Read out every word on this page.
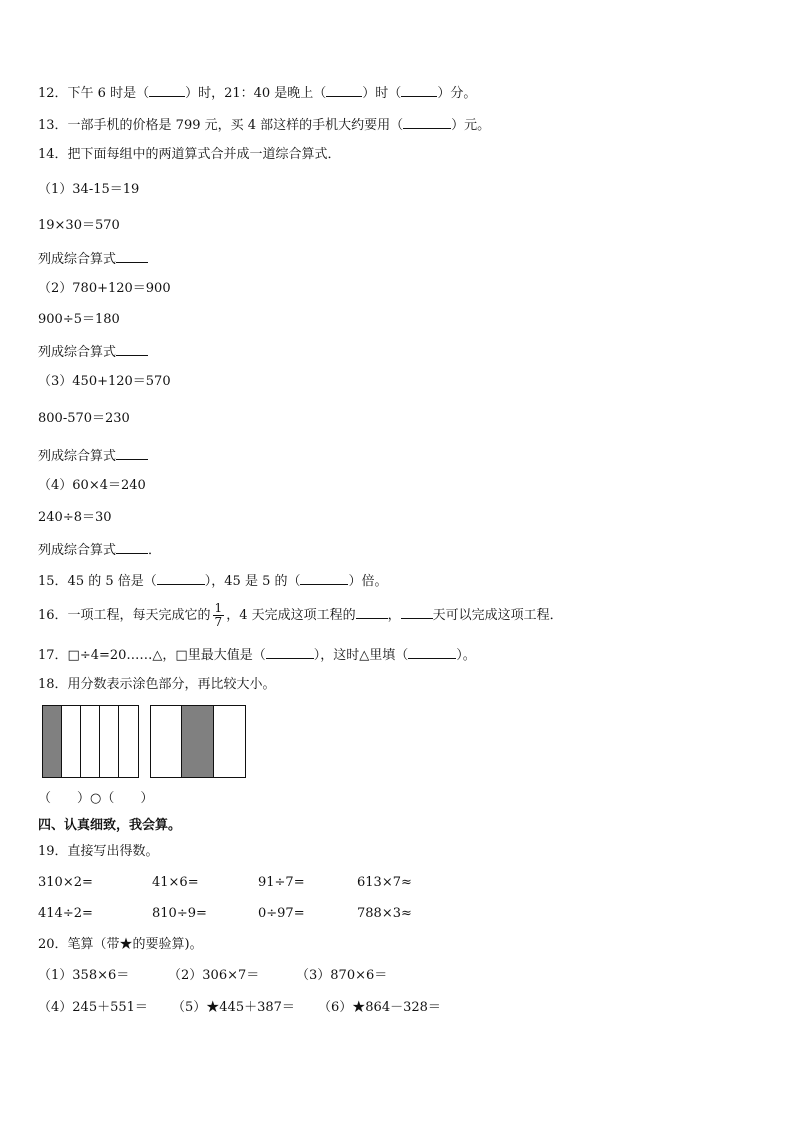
12．下午 6 时是（	）时，21：40 是晚上（	）时（	）分。
13．一部手机的价格是 799 元，买 4 部这样的手机大约要用（	）元。
14．把下面每组中的两道算式合并成一道综合算式．
（1）34-15＝19
19×30＝570
列成综合算式
（2）780+120＝900
900÷5＝180
列成综合算式
（3）450+120＝570
800-570＝230
列成综合算式
（4）60×4＝240
240÷8＝30
列成综合算式 ．
15．45 的 5 倍是（	），45 是 5 的（	）倍。
16．一项工程，每天完成它的 $\frac{1}{7}$ ，4 天完成这项工程的 ， 天可以完成这项工程．
17．□÷4=20……△，□里最大值是（	），这时△里填（	）。
18．用分数表示涂色部分，再比较大小。
（　　）○（　　）
四、认真细致，我会算。
19．直接写出得数。
310×2=	41×6=	91÷7=	613×7≈
414÷2=	810÷9=	0÷97=	788×3≈
20．笔算（带★的要验算)。
（1）358×6＝	（2）306×7＝	（3）870×6＝
（4）245＋551＝ （5）★445＋387＝ （6）★864－328＝
